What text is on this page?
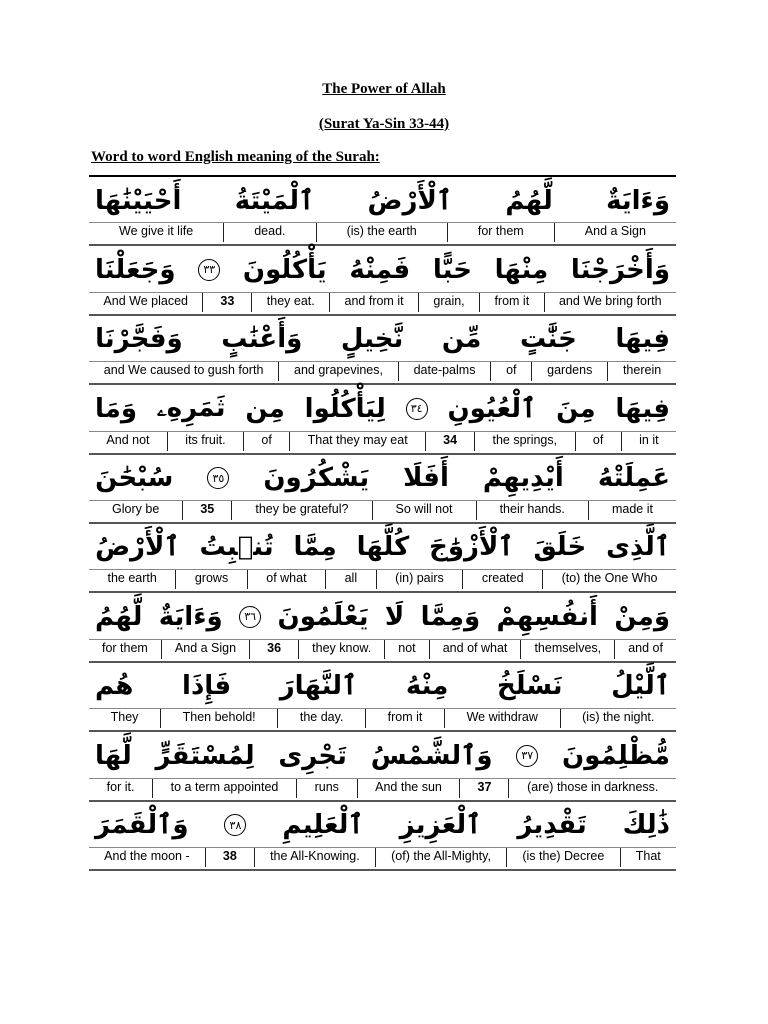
The Power of Allah
(Surat Ya-Sin 33-44)
Word to word English meaning of the Surah:
وَءَايَةٌ
لَّهُمُ
ٱلْأَرْضُ
ٱلْمَيْتَةُ
أَحْيَيْنَٰهَا
And a Sign
for them
(is) the earth
dead.
We give it life
وَأَخْرَجْنَا
مِنْهَا
حَبًّا
فَمِنْهُ
يَأْكُلُونَ
٣٣
وَجَعَلْنَا
and We bring forth
from it
grain,
and from it
they eat.
33
And We placed
فِيهَا
جَنَّٰتٍ
مِّن
نَّخِيلٍ
وَأَعْنَٰبٍ
وَفَجَّرْنَا
therein
gardens
of
date-palms
and grapevines,
and We caused to gush forth
فِيهَا
مِنَ
ٱلْعُيُونِ
٣٤
لِيَأْكُلُوا
مِن
ثَمَرِهِۦ
وَمَا
in it
of
the springs,
34
That they may eat
of
its fruit.
And not
عَمِلَتْهُ
أَيْدِيهِمْ
أَفَلَا
يَشْكُرُونَ
٣٥
سُبْحَٰنَ
made it
their hands.
So will not
they be grateful?
35
Glory be
ٱلَّذِى
خَلَقَ
ٱلْأَزْوَٰجَ
كُلَّهَا
مِمَّا
تُنۢبِتُ
ٱلْأَرْضُ
(to) the One Who
created
(in) pairs
all
of what
grows
the earth
وَمِنْ
أَنفُسِهِمْ
وَمِمَّا
لَا
يَعْلَمُونَ
٣٦
وَءَايَةٌ
لَّهُمُ
and of
themselves,
and of what
not
they know.
36
And a Sign
for them
ٱلَّيْلُ
نَسْلَخُ
مِنْهُ
ٱلنَّهَارَ
فَإِذَا
هُم
(is) the night.
We withdraw
from it
the day.
Then behold!
They
مُّظْلِمُونَ
٣٧
وَٱلشَّمْسُ
تَجْرِى
لِمُسْتَقَرٍّ
لَّهَا
(are) those in darkness.
37
And the sun
runs
to a term appointed
for it.
ذَٰلِكَ
تَقْدِيرُ
ٱلْعَزِيزِ
ٱلْعَلِيمِ
٣٨
وَٱلْقَمَرَ
That
(is the) Decree
(of) the All-Mighty,
the All-Knowing.
38
And the moon -
